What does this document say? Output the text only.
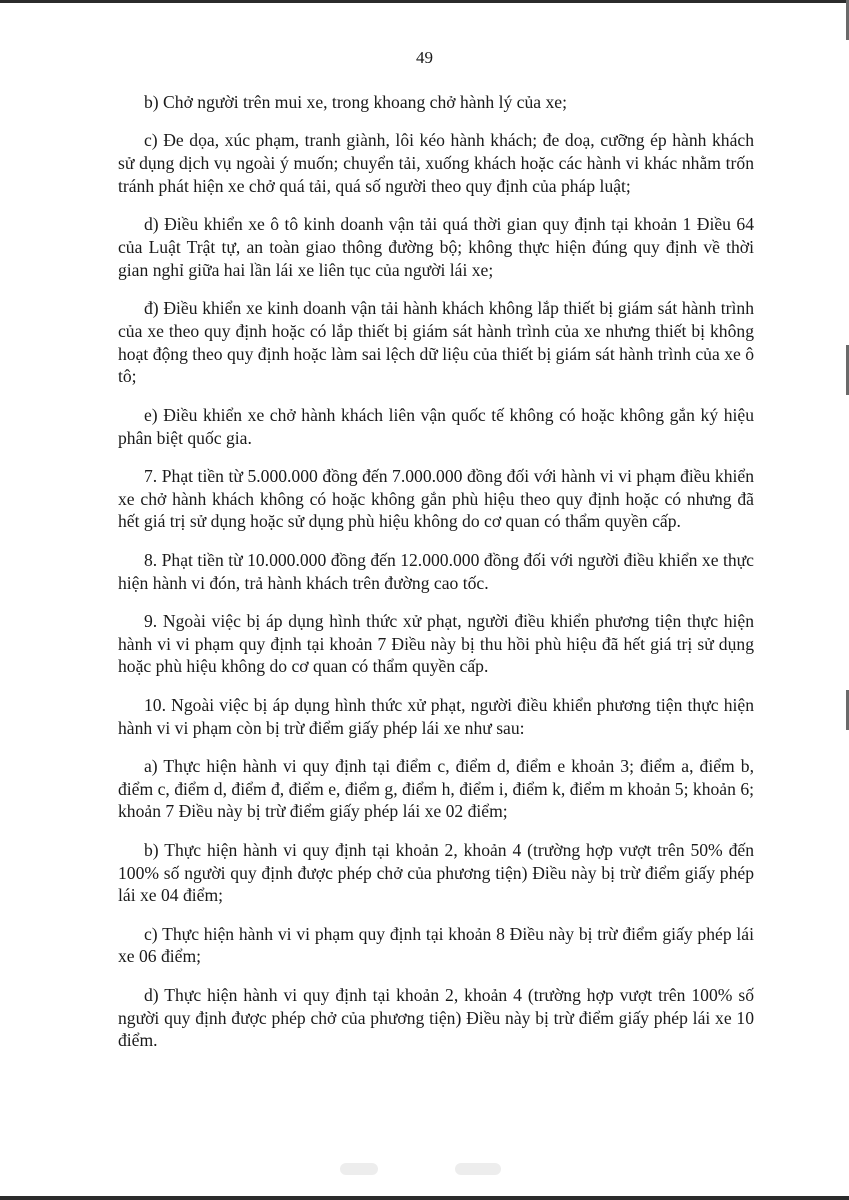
49

b) Chở người trên mui xe, trong khoang chở hành lý của xe;

c) Đe dọa, xúc phạm, tranh giành, lôi kéo hành khách; đe doạ, cưỡng ép hành khách sử dụng dịch vụ ngoài ý muốn; chuyển tải, xuống khách hoặc các hành vi khác nhằm trốn tránh phát hiện xe chở quá tải, quá số người theo quy định của pháp luật;

d) Điều khiển xe ô tô kinh doanh vận tải quá thời gian quy định tại khoản 1 Điều 64 của Luật Trật tự, an toàn giao thông đường bộ; không thực hiện đúng quy định về thời gian nghỉ giữa hai lần lái xe liên tục của người lái xe;

đ) Điều khiển xe kinh doanh vận tải hành khách không lắp thiết bị giám sát hành trình của xe theo quy định hoặc có lắp thiết bị giám sát hành trình của xe nhưng thiết bị không hoạt động theo quy định hoặc làm sai lệch dữ liệu của thiết bị giám sát hành trình của xe ô tô;

e) Điều khiển xe chở hành khách liên vận quốc tế không có hoặc không gắn ký hiệu phân biệt quốc gia.

7. Phạt tiền từ 5.000.000 đồng đến 7.000.000 đồng đối với hành vi vi phạm điều khiển xe chở hành khách không có hoặc không gắn phù hiệu theo quy định hoặc có nhưng đã hết giá trị sử dụng hoặc sử dụng phù hiệu không do cơ quan có thẩm quyền cấp.

8. Phạt tiền từ 10.000.000 đồng đến 12.000.000 đồng đối với người điều khiển xe thực hiện hành vi đón, trả hành khách trên đường cao tốc.

9. Ngoài việc bị áp dụng hình thức xử phạt, người điều khiển phương tiện thực hiện hành vi vi phạm quy định tại khoản 7 Điều này bị thu hồi phù hiệu đã hết giá trị sử dụng hoặc phù hiệu không do cơ quan có thẩm quyền cấp.

10. Ngoài việc bị áp dụng hình thức xử phạt, người điều khiển phương tiện thực hiện hành vi vi phạm còn bị trừ điểm giấy phép lái xe như sau:

a) Thực hiện hành vi quy định tại điểm c, điểm d, điểm e khoản 3; điểm a, điểm b, điểm c, điểm d, điểm đ, điểm e, điểm g, điểm h, điểm i, điểm k, điểm m khoản 5; khoản 6; khoản 7 Điều này bị trừ điểm giấy phép lái xe 02 điểm;

b) Thực hiện hành vi quy định tại khoản 2, khoản 4 (trường hợp vượt trên 50% đến 100% số người quy định được phép chở của phương tiện) Điều này bị trừ điểm giấy phép lái xe 04 điểm;

c) Thực hiện hành vi vi phạm quy định tại khoản 8 Điều này bị trừ điểm giấy phép lái xe 06 điểm;

d) Thực hiện hành vi quy định tại khoản 2, khoản 4 (trường hợp vượt trên 100% số người quy định được phép chở của phương tiện) Điều này bị trừ điểm giấy phép lái xe 10 điểm.
